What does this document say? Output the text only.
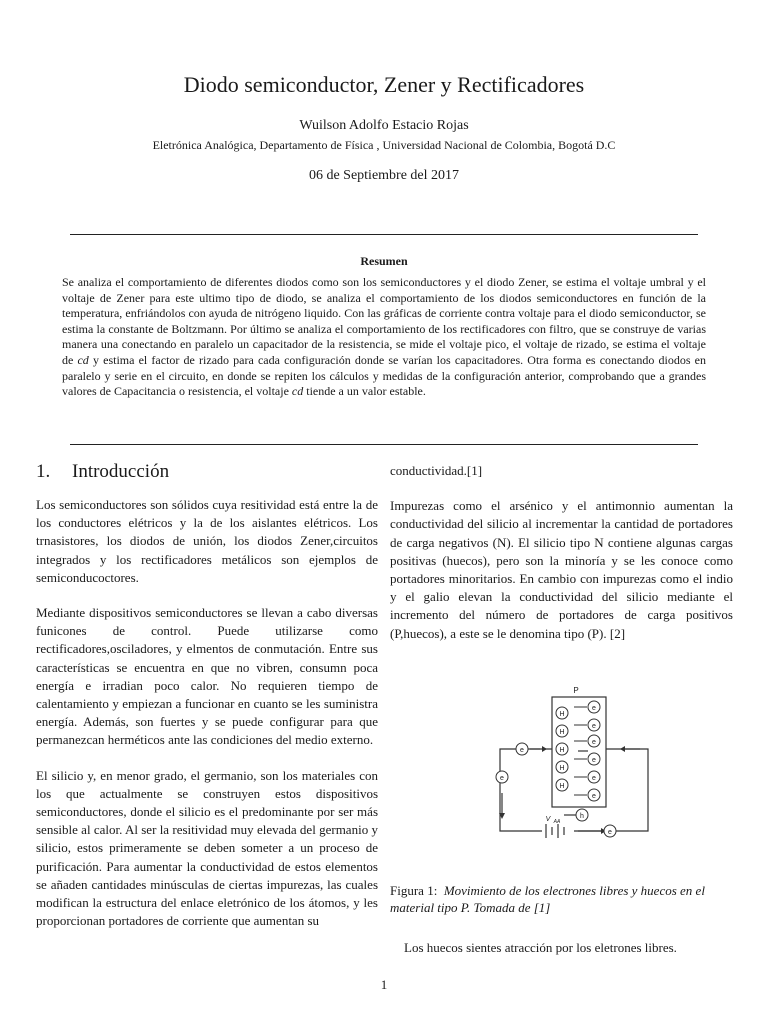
Diodo semiconductor, Zener y Rectificadores
Wuilson Adolfo Estacio Rojas
Eletrónica Analógica, Departamento de Física , Universidad Nacional de Colombia, Bogotá D.C
06 de Septiembre del 2017
Resumen

Se analiza el comportamiento de diferentes diodos como son los semiconductores y el diodo Zener, se estima el voltaje umbral y el voltaje de Zener para este ultimo tipo de diodo, se analiza el comportamiento de los diodos semiconductores en función de la temperatura, enfriándolos con ayuda de nitrógeno liquido. Con las gráficas de corriente contra voltaje para el diodo semiconductor, se estima la constante de Boltzmann. Por último se analiza el comportamiento de los rectificadores con filtro, que se construye de varias manera una conectando en paralelo un capacitador de la resistencia, se mide el voltaje pico, el voltaje de rizado, se estima el voltaje de cd y estima el factor de rizado para cada configuración donde se varían los capacitadores. Otra forma es conectando diodos en paralelo y serie en el circuito, en donde se repiten los cálculos y medidas de la configuración anterior, comprobando que a grandes valores de Capacitancia o resistencia, el voltaje cd tiende a un valor estable.

1. Introducción

Los semiconductores son sólidos cuya resitividad está entre la de los conductores elétricos y la de los aislantes elétricos. Los trnasistores, los diodos de unión, los diodos Zener,circuitos integrados y los rectificadores metálicos son ejemplos de semiconducoctores.

Mediante dispositivos semiconductores se llevan a cabo diversas funicones de control. Puede utilizarse como rectificadores,osciladores, y elmentos de conmutación. Entre sus características se encuentra en que no vibren, consumn poca energía e irradian poco calor. No requieren tiempo de calentamiento y empiezan a funcionar en cuanto se les suministra energía. Además, son fuertes y se puede configurar para que permanezcan herméticos ante las condiciones del medio externo.

El silicio y, en menor grado, el germanio, son los materiales con los que actualmente se construyen estos dispositivos semiconductores, donde el silicio es el predominante por ser más sensible al calor. Al ser la resitividad muy elevada del germanio y silicio, estos primeramente se deben someter a un proceso de purificación. Para aumentar la conductividad de estos elementos se añaden cantidades minúsculas de ciertas impurezas, las cuales modifican la estructura del enlace eletrónico de los átomos, y les proporcionan portadores de corriente que aumentan su

conductividad.[1]

Impurezas como el arsénico y el antimonnio aumentan la conductividad del silicio al incrementar la cantidad de portadores de carga negativos (N). El silicio tipo N contiene algunas cargas positivas (huecos), pero son la minoría y se les conoce como portadores minoritarios. En cambio con impurezas como el indio y el galio elevan la conductividad del silicio mediante el incremento del número de portadores de carga positivos (P,huecos), a este se le denomina tipo (P). [2]

H
H
H
H
H
e
e
e
e
e
e
e
e
h
e
P
V AA
Figura 1: Movimiento de los electrones libres y huecos en el material tipo P. Tomada de [1]
Los huecos sientes atracción por los eletrones libres.
1
